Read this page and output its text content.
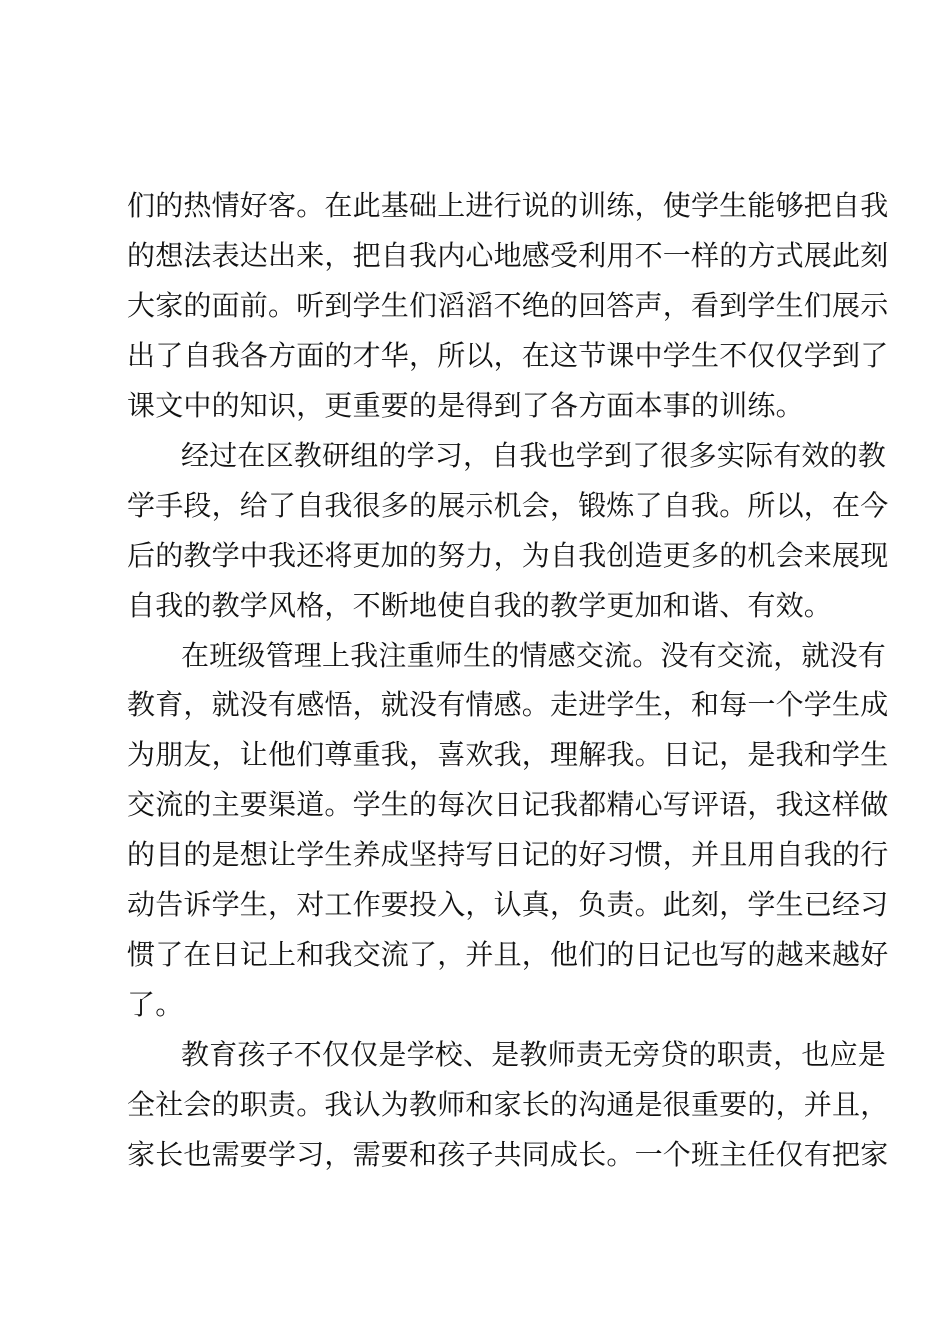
们的热情好客。在此基础上进行说的训练，使学生能够把自我
的想法表达出来，把自我内心地感受利用不一样的方式展此刻
大家的面前。听到学生们滔滔不绝的回答声，看到学生们展示
出了自我各方面的才华，所以，在这节课中学生不仅仅学到了
课文中的知识，更重要的是得到了各方面本事的训练。
经过在区教研组的学习，自我也学到了很多实际有效的教
学手段，给了自我很多的展示机会，锻炼了自我。所以，在今
后的教学中我还将更加的努力，为自我创造更多的机会来展现
自我的教学风格，不断地使自我的教学更加和谐、有效。
在班级管理上我注重师生的情感交流。没有交流，就没有
教育，就没有感悟，就没有情感。走进学生，和每一个学生成
为朋友，让他们尊重我，喜欢我，理解我。日记，是我和学生
交流的主要渠道。学生的每次日记我都精心写评语，我这样做
的目的是想让学生养成坚持写日记的好习惯，并且用自我的行
动告诉学生，对工作要投入，认真，负责。此刻，学生已经习
惯了在日记上和我交流了，并且，他们的日记也写的越来越好
了。
教育孩子不仅仅是学校、是教师责无旁贷的职责，也应是
全社会的职责。我认为教师和家长的沟通是很重要的，并且，
家长也需要学习，需要和孩子共同成长。一个班主任仅有把家
